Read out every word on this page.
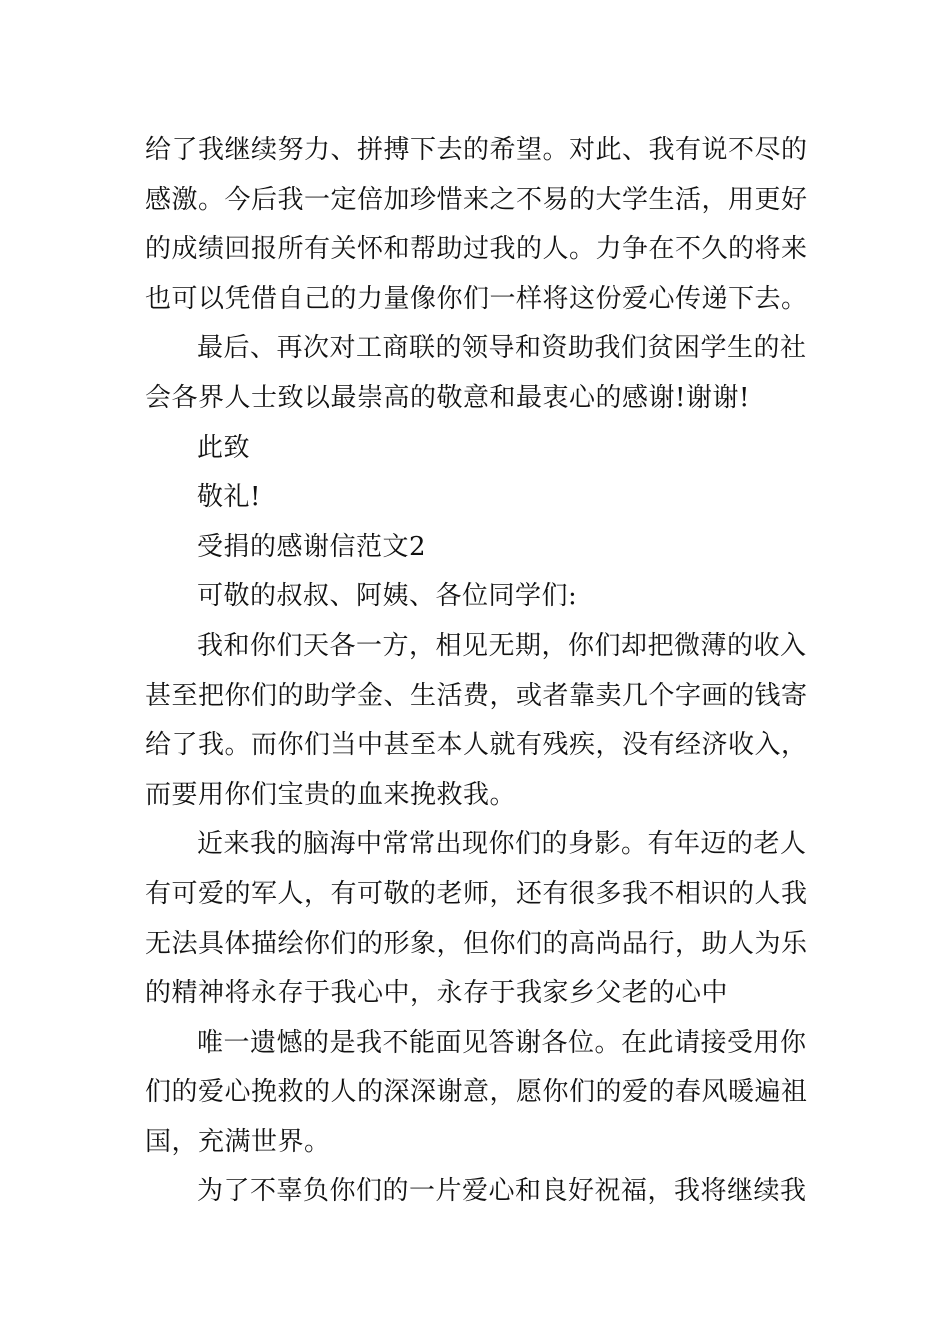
给了我继续努力、拼搏下去的希望。对此、我有说不尽的
感激。今后我一定倍加珍惜来之不易的大学生活，用更好
的成绩回报所有关怀和帮助过我的人。力争在不久的将来
也可以凭借自己的力量像你们一样将这份爱心传递下去。
最后、再次对工商联的领导和资助我们贫困学生的社
会各界人士致以最崇高的敬意和最衷心的感谢!谢谢!
此致
敬礼!
受捐的感谢信范文2
可敬的叔叔、阿姨、各位同学们:
我和你们天各一方，相见无期，你们却把微薄的收入
甚至把你们的助学金、生活费，或者靠卖几个字画的钱寄
给了我。而你们当中甚至本人就有残疾，没有经济收入，
而要用你们宝贵的血来挽救我。
近来我的脑海中常常出现你们的身影。有年迈的老人
有可爱的军人，有可敬的老师，还有很多我不相识的人我
无法具体描绘你们的形象，但你们的高尚品行，助人为乐
的精神将永存于我心中，永存于我家乡父老的心中
唯一遗憾的是我不能面见答谢各位。在此请接受用你
们的爱心挽救的人的深深谢意，愿你们的爱的春风暖遍祖
国，充满世界。
为了不辜负你们的一片爱心和良好祝福，我将继续我
